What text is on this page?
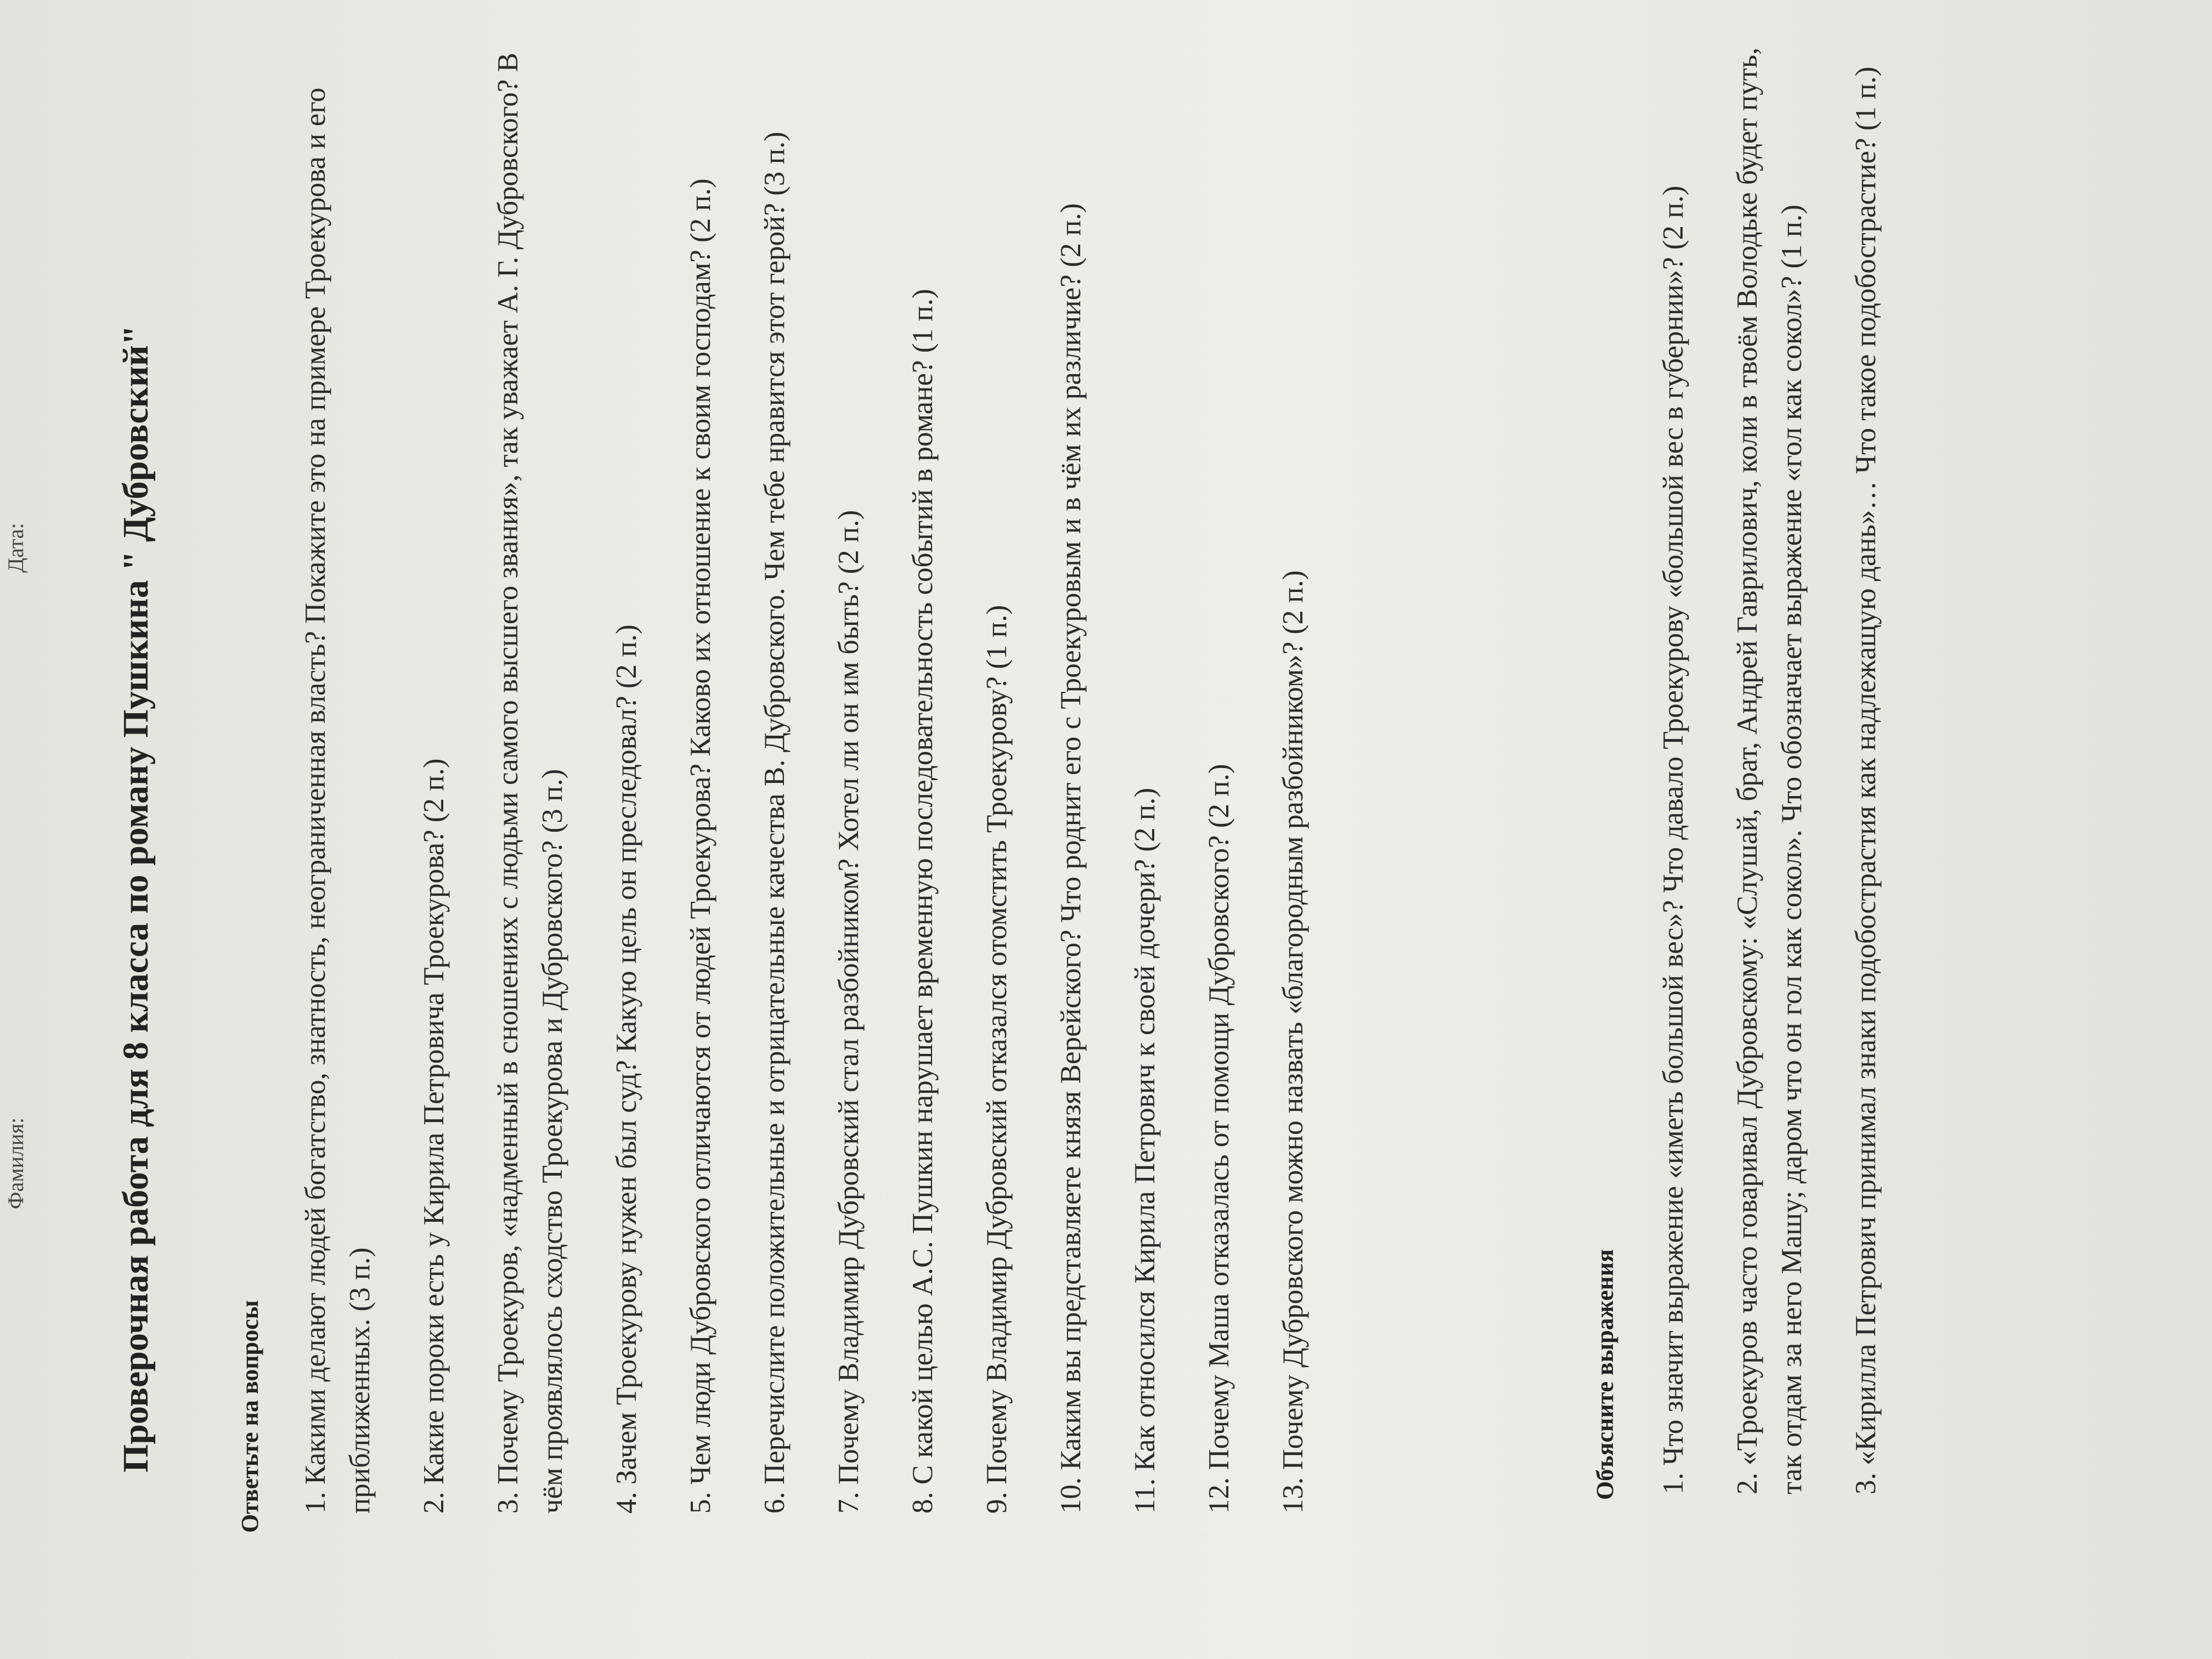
Фамилия:
Дата: Проверочная работа для 8 класса по роману Пушкина " Дубровский"	Ответьте на вопросы 1. Какими делают людей богатство, знатность, неограниченная власть? Покажите это на примере Троекурова и его приближенных. (3 п.) 2. Какие пороки есть у Кирила Петровича Троекурова? (2 п.) 3. Почему Троекуров, «надменный в сношениях с людьми самого высшего звания», так уважает А. Г. Дубровского? В чём проявлялось сходство Троекурова и Дубровского? (3 п.) 4. Зачем Троекурову нужен был суд? Какую цель он преследовал? (2 п.) 5. Чем люди Дубровского отличаются от людей Троекурова? Каково их отношение к своим господам? (2 п.) 6. Перечислите положительные и отрицательные качества В. Дубровского. Чем тебе нравится этот герой? (3 п.) 7. Почему Владимир Дубровский стал разбойником? Хотел ли он им быть? (2 п.) 8. С какой целью А.С. Пушкин нарушает временную последовательность событий в романе? (1 п.) 9. Почему Владимир Дубровский отказался отомстить Троекурову? (1 п.) 10. Каким вы представляете князя Верейского? Что роднит его с Троекуровым и в чём их различие? (2 п.) 11. Как относился Кирила Петрович к своей дочери? (2 п.) 12. Почему Маша отказалась от помощи Дубровского? (2 п.) 13. Почему Дубровского можно назвать «благородным разбойником»? (2 п.)	Объясните выражения 1. Что значит выражение «иметь большой вес»? Что давало Троекурову «большой вес в губернии»? (2 п.) 2. «Троекуров часто говаривал Дубровскому: «Слушай, брат, Андрей Гаврилович, коли в твоём Володьке будет путь, так отдам за него Машу; даром что он гол как сокол». Что обозначает выражение «гол как сокол»? (1 п.) 3. «Кирилла Петрович принимал знаки подобострастия как надлежащую дань»… Что такое подобострастие? (1 п.)
